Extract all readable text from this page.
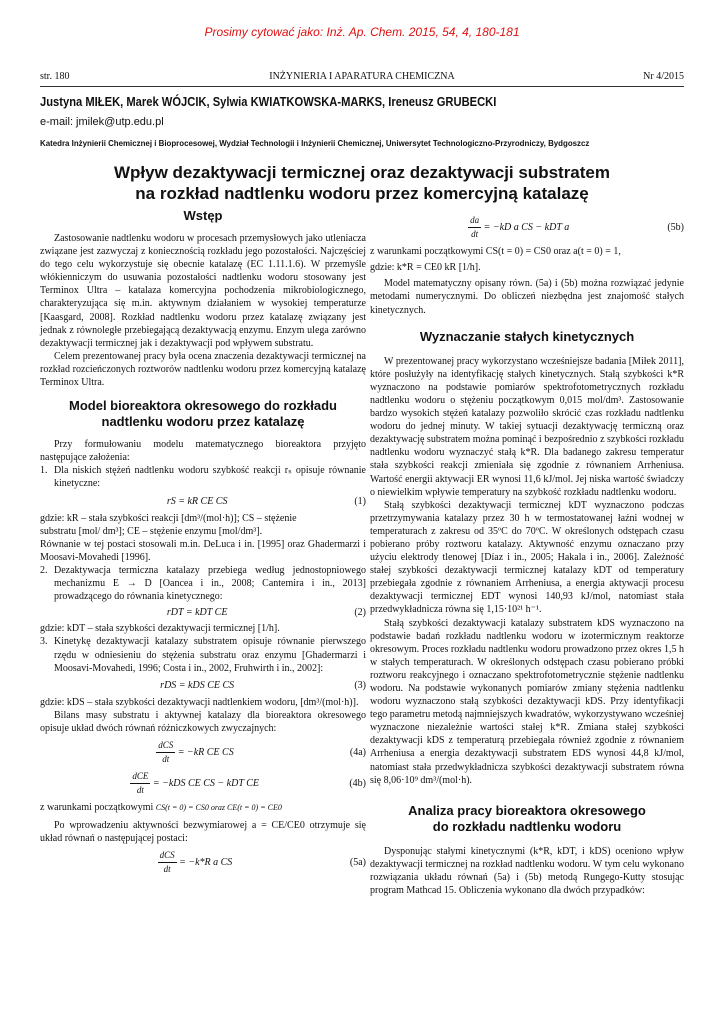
Prosimy cytować jako: Inż. Ap. Chem. 2015, 54, 4, 180-181
str. 180	INŻYNIERIA I APARATURA CHEMICZNA	Nr 4/2015
Justyna MIŁEK, Marek WÓJCIK, Sylwia KWIATKOWSKA-MARKS, Ireneusz GRUBECKI
e-mail: jmilek@utp.edu.pl
Katedra Inżynierii Chemicznej i Bioprocesowej, Wydział Technologii i Inżynierii Chemicznej, Uniwersytet Technologiczno-Przyrodniczy, Bydgoszcz
Wpływ dezaktywacji termicznej oraz dezaktywacji substratem
na rozkład nadtlenku wodoru przez komercyjną katalazę
Wstęp

Zastosowanie nadtlenku wodoru w procesach przemysłowych jako utleniacza związane jest zazwyczaj z koniecznością rozkładu jego pozostałości. Najczęściej do tego celu wykorzystuje się obecnie katalazę (EC 1.11.1.6). W przemyśle włókienniczym do usuwania pozostałości nadtlenku wodoru stosowany jest Terminox Ultra – katalaza komercyjna pochodzenia mikrobiologicznego, charakteryzująca się m.in. aktywnym działaniem w wysokiej temperaturze [Kaasgard, 2008]. Rozkład nadtlenku wodoru przez katalazę związany jest jednak z równoległe przebiegającą dezaktywacją enzymu. Enzym ulega zarówno dezaktywacji termicznej jak i dezaktywacji pod wpływem substratu.

Celem prezentowanej pracy była ocena znaczenia dezaktywacji termicznej na rozkład rozcieńczonych roztworów nadtlenku wodoru przez komercyjną katalazę Terminox Ultra.

Model bioreaktora okresowego do rozkładu
nadtlenku wodoru przez katalazę

Przy formułowaniu modelu matematycznego bioreaktora przyjęto następujące założenia:

1. Dla niskich stężeń nadtlenku wodoru szybkość reakcji rₛ opisuje równanie kinetyczne:
rS = kR CE CS	(1)
gdzie: kR – stała szybkości reakcji [dm³/(mol·h)]; CS – stężenie
substratu [mol/ dm³]; CE – stężenie enzymu [mol/dm³].
Równanie w tej postaci stosowali m.in. DeLuca i in. [1995] oraz Ghadermarzi i Moosavi-Movahedi [1996].
2. Dezaktywacja termiczna katalazy przebiega według jednostopniowego mechanizmu E → D [Oancea i in., 2008; Cantemira i in., 2013] prowadzącego do równania kinetycznego:
rDT = kDT CE	(2)
gdzie: kDT – stała szybkości dezaktywacji termicznej [1/h].
3. Kinetykę dezaktywacji katalazy substratem opisuje równanie pierwszego rzędu w odniesieniu do stężenia substratu oraz enzymu [Ghadermarzi i Moosavi-Movahedi, 1996; Costa i in., 2002, Fruhwirth i in., 2002]:
rDS = kDS CE CS	(3)
gdzie: kDS – stała szybkości dezaktywacji nadtlenkiem wodoru, [dm³/(mol·h)].

Bilans masy substratu i aktywnej katalazy dla bioreaktora okresowego opisuje układ dwóch równań różniczkowych zwyczajnych:

$\frac{\text{dCS}}{dt} = -kR$ CE CS	(4a)
$\frac{\text{dCE}}{dt} = -kDS$ CE CS − kDT CE	(4b)
z warunkami początkowymi CS(t = 0) = CS0 oraz CE(t = 0) = CE0

Po wprowadzeniu aktywności bezwymiarowej a = CE/CE0 otrzymuje się układ równań o następującej postaci:

$\frac{\text{dCS}}{dt} = -k*R$ a CS	(5a)
$\frac{da}{dt} = -kD$ a CS − kDT a	(5b)
z warunkami początkowymi CS(t = 0) = CS0 oraz a(t = 0) = 1,
gdzie: k*R = CE0 kR [1/h].

Model matematyczny opisany równ. (5a) i (5b) można rozwiązać jedynie metodami numerycznymi. Do obliczeń niezbędna jest znajomość stałych kinetycznych.

Wyznaczanie stałych kinetycznych

W prezentowanej pracy wykorzystano wcześniejsze badania [Miłek 2011], które posłużyły na identyfikację stałych kinetycznych. Stałą szybkości k*R wyznaczono na podstawie pomiarów spektrofotometrycznych rozkładu nadtlenku wodoru o stężeniu początkowym 0,015 mol/dm³. Zastosowanie bardzo wysokich stężeń katalazy pozwoliło skrócić czas rozkładu nadtlenku wodoru do jednej minuty. W takiej sytuacji dezaktywację termiczną oraz dezaktywację substratem można pominąć i bezpośrednio z szybkości rozkładu nadtlenku wodoru wyznaczyć stałą k*R. Dla badanego zakresu temperatur stała szybkości reakcji zmieniała się zgodnie z równaniem Arrheniusa. Wartość energii aktywacji ER wynosi 11,6 kJ/mol. Jej niska wartość świadczy o niewielkim wpływie temperatury na szybkość rozkładu nadtlenku wodoru.

Stałą szybkości dezaktywacji termicznej kDT wyznaczono podczas przetrzymywania katalazy przez 30 h w termostatowanej łaźni wodnej w temperaturach z zakresu od 35ºC do 70ºC. W określonych odstępach czasu pobierano próby roztworu katalazy. Aktywność enzymu oznaczano przy użyciu elektrody tlenowej [Díaz i in., 2005; Hakala i in., 2006]. Zależność stałej szybkości dezaktywacji termicznej katalazy kDT od temperatury przebiegała zgodnie z równaniem Arrheniusa, a energia aktywacji procesu dezaktywacji termicznej EDT wynosi 140,93 kJ/mol, natomiast stała przedwykładnicza równa się 1,15·10²¹ h⁻¹.

Stałą szybkości dezaktywacji katalazy substratem kDS wyznaczono na podstawie badań rozkładu nadtlenku wodoru w izotermicznym reaktorze okresowym. Proces rozkładu nadtlenku wodoru prowadzono przez okres 1,5 h w stałych temperaturach. W określonych odstępach czasu pobierano próbki roztworu reakcyjnego i oznaczano spektrofotometrycznie stężenie nadtlenku wodoru. Na podstawie wykonanych pomiarów zmiany stężenia nadtlenku wodoru wyznaczono stałą szybkości dezaktywacji kDS. Przy identyfikacji tego parametru metodą najmniejszych kwadratów, wykorzystywano wcześniej wyznaczone niezależnie wartości stałej k*R. Zmiana stałej szybkości dezaktywacji kDS z temperaturą przebiegała również zgodnie z równaniem Arrheniusa a energia dezaktywacji substratem EDS wynosi 44,8 kJ/mol, natomiast stała przedwykładnicza szybkości dezaktywacji substratem równa się 8,06·10⁹ dm³/(mol·h).

Analiza pracy bioreaktora okresowego
do rozkładu nadtlenku wodoru

Dysponując stałymi kinetycznymi (k*R, kDT, i kDS) oceniono wpływ dezaktywacji termicznej na rozkład nadtlenku wodoru. W tym celu wykonano rozwiązania układu równań (5a) i (5b) metodą Rungego-Kutty stosując program Mathcad 15. Obliczenia wykonano dla dwóch przypadków:
